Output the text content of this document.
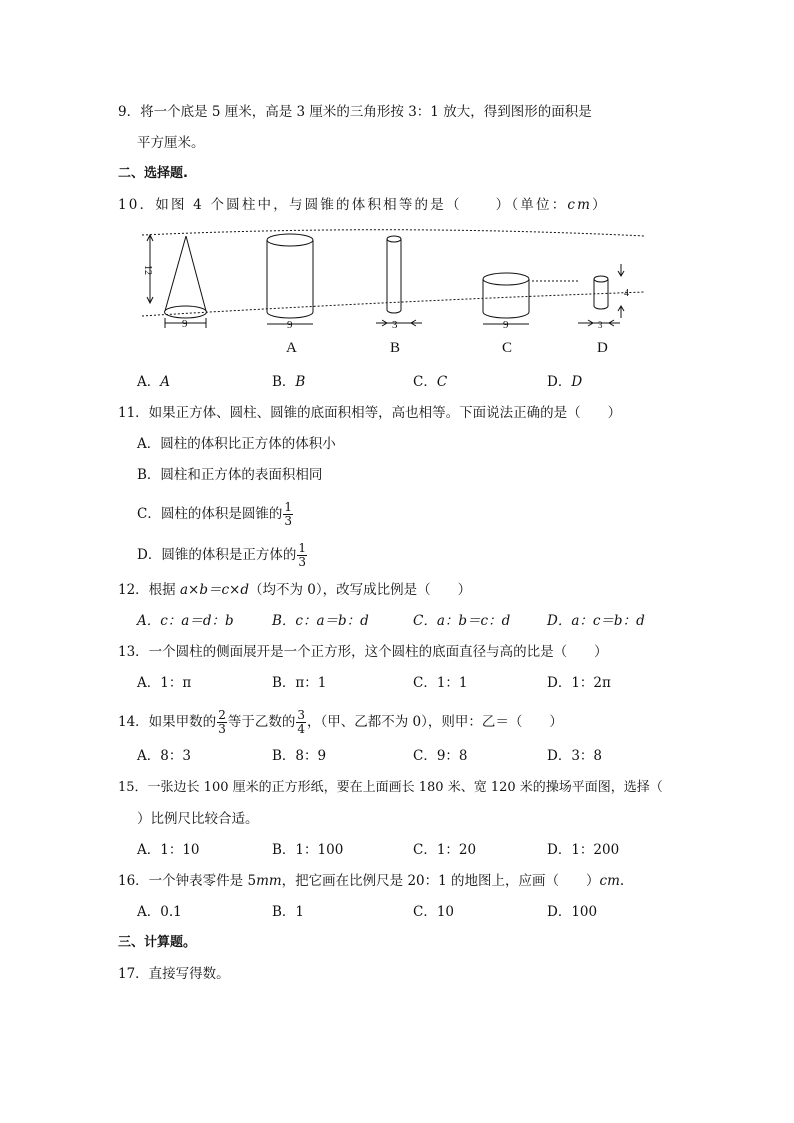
9．将一个底是 5 厘米，高是 3 厘米的三角形按 3：1 放大，得到图形的面积是
平方厘米。
二、选择题.
10．如图 4 个圆柱中，与圆锥的体积相等的是（	）（单位：cm）
12
9	9
A
3
B
9
C
4
3
D
A．A	B．B	C．C	D．D
11．如果正方体、圆柱、圆锥的底面积相等，高也相等。下面说法正确的是（　　）
A．圆柱的体积比正方体的体积小
B．圆柱和正方体的表面积相同
C．圆柱的体积是圆锥的 $\frac{1}{3}$
D．圆锥的体积是正方体的 $\frac{1}{3}$
12．根据 a×b＝c×d（均不为 0），改写成比例是（　　）
A．c：a＝d：b	B．c：a＝b：d	C．a：b＝c：d	D．a：c＝b：d
13．一个圆柱的侧面展开是一个正方形，这个圆柱的底面直径与高的比是（　　）
A．1：π	B．π：1	C．1：1	D．1：2π
14．如果甲数的 $\frac{2}{3}$ 等于乙数的 $\frac{3}{4}$ ，（甲、乙都不为 0），则甲：乙＝（　　）
A．8：3	B．8：9	C．9：8	D．3：8
15．一张边长 100 厘米的正方形纸，要在上面画长 180 米、宽 120 米的操场平面图，选择（
）比例尺比较合适。
A．1：10	B．1：100	C．1：20	D．1：200
16．一个钟表零件是 5mm，把它画在比例尺是 20：1 的地图上，应画（　　）cm.
A．0.1	B．1	C．10	D．100
三、计算题。
17．直接写得数。
